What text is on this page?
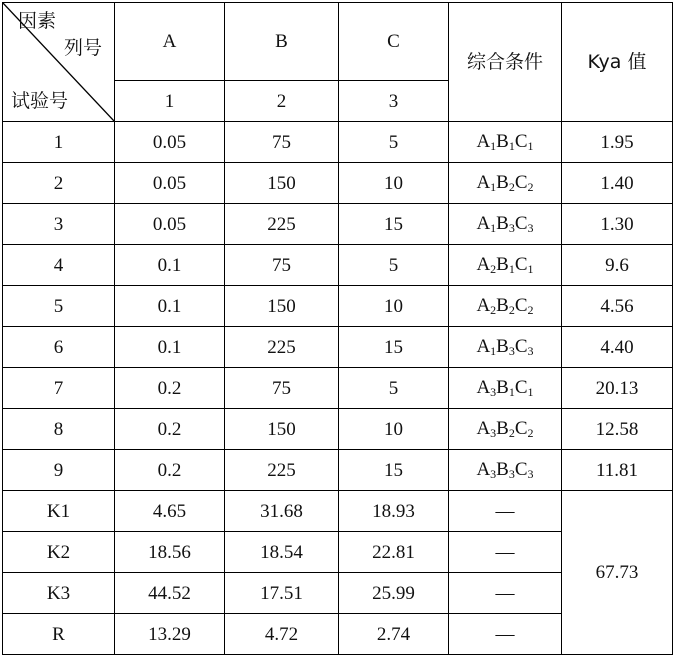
因素
列号
试验号	A	B	C	综合条件	Kya 值
	1	2	3		
1	0.05	75	5	$A_1B_1C_1$	1.95
2	0.05	150	10	$A_1B_2C_2$	1.40
3	0.05	225	15	$A_1B_3C_3$	1.30
4	0.1	75	5	$A_2B_1C_1$	9.6
5	0.1	150	10	$A_2B_2C_2$	4.56
6	0.1	225	15	$A_1B_3C_3$	4.40
7	0.2	75	5	$A_3B_1C_1$	20.13
8	0.2	150	10	$A_3B_2C_2$	12.58
9	0.2	225	15	$A_3B_3C_3$	11.81
K1	4.65	31.68	18.93	—	67.73
K2	18.56	18.54	22.81	—	
K3	44.52	17.51	25.99	—	
R	13.29	4.72	2.74	—	
